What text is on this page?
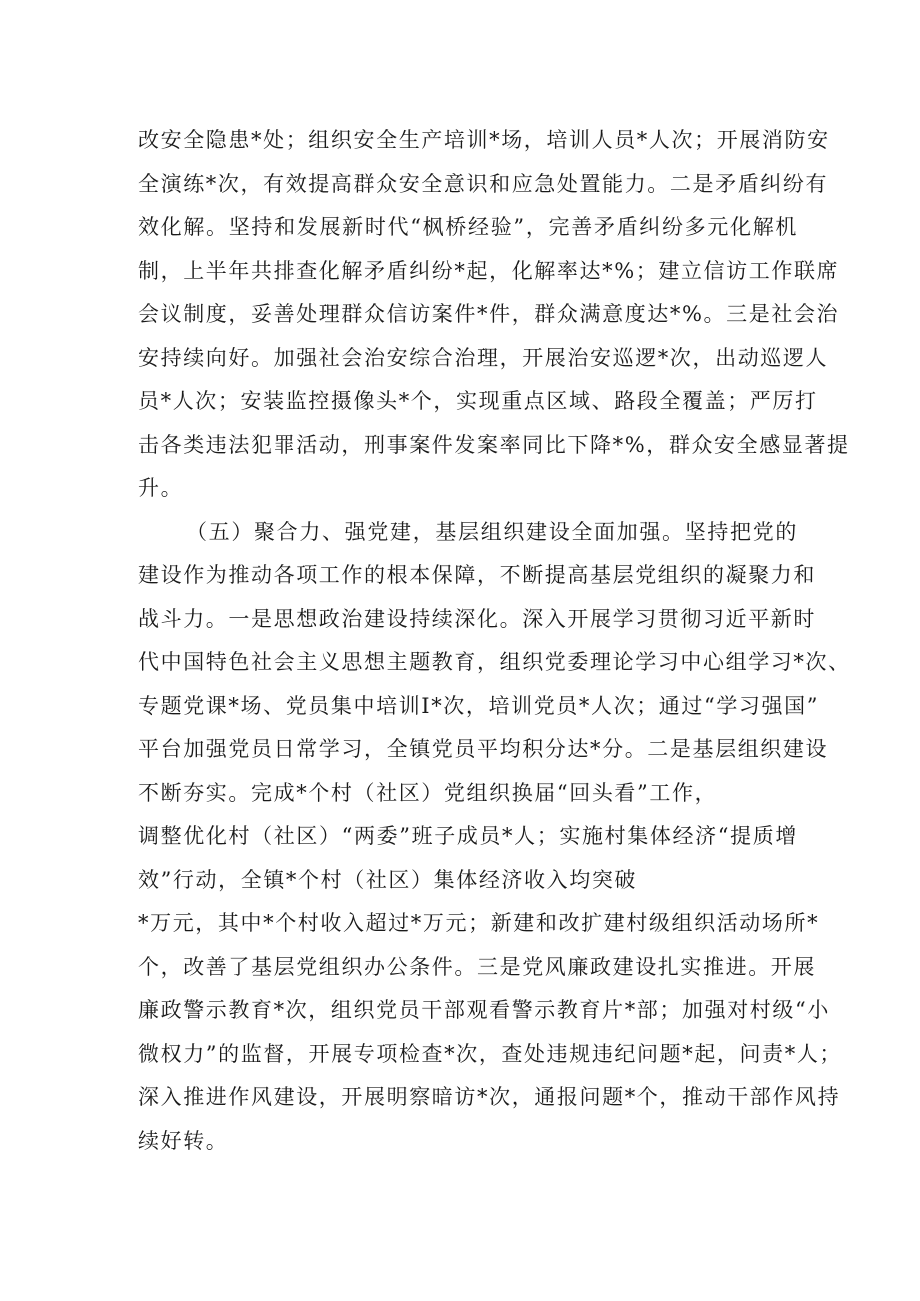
改安全隐患*处；组织安全生产培训*场，培训人员*人次；开展消防安
全演练*次，有效提高群众安全意识和应急处置能力。二是矛盾纠纷有
效化解。坚持和发展新时代“枫桥经验”，完善矛盾纠纷多元化解机
制，上半年共排查化解矛盾纠纷*起，化解率达*%；建立信访工作联席
会议制度，妥善处理群众信访案件*件，群众满意度达*%。三是社会治
安持续向好。加强社会治安综合治理，开展治安巡逻*次，出动巡逻人
员*人次；安装监控摄像头*个，实现重点区域、路段全覆盖；严厉打
击各类违法犯罪活动，刑事案件发案率同比下降*%，群众安全感显著提
升。
（五）聚合力、强党建，基层组织建设全面加强。坚持把党的
建设作为推动各项工作的根本保障，不断提高基层党组织的凝聚力和
战斗力。一是思想政治建设持续深化。深入开展学习贯彻习近平新时
代中国特色社会主义思想主题教育，组织党委理论学习中心组学习*次、
专题党课*场、党员集中培训I*次，培训党员*人次；通过“学习强国”
平台加强党员日常学习，全镇党员平均积分达*分。二是基层组织建设
不断夯实。完成*个村（社区）党组织换届“回头看”工作，
调整优化村（社区）“两委”班子成员*人；实施村集体经济“提质增
效”行动，全镇*个村（社区）集体经济收入均突破
*万元，其中*个村收入超过*万元；新建和改扩建村级组织活动场所*
个，改善了基层党组织办公条件。三是党风廉政建设扎实推进。开展
廉政警示教育*次，组织党员干部观看警示教育片*部；加强对村级“小
微权力”的监督，开展专项检查*次，查处违规违纪问题*起，问责*人；
深入推进作风建设，开展明察暗访*次，通报问题*个，推动干部作风持
续好转。
